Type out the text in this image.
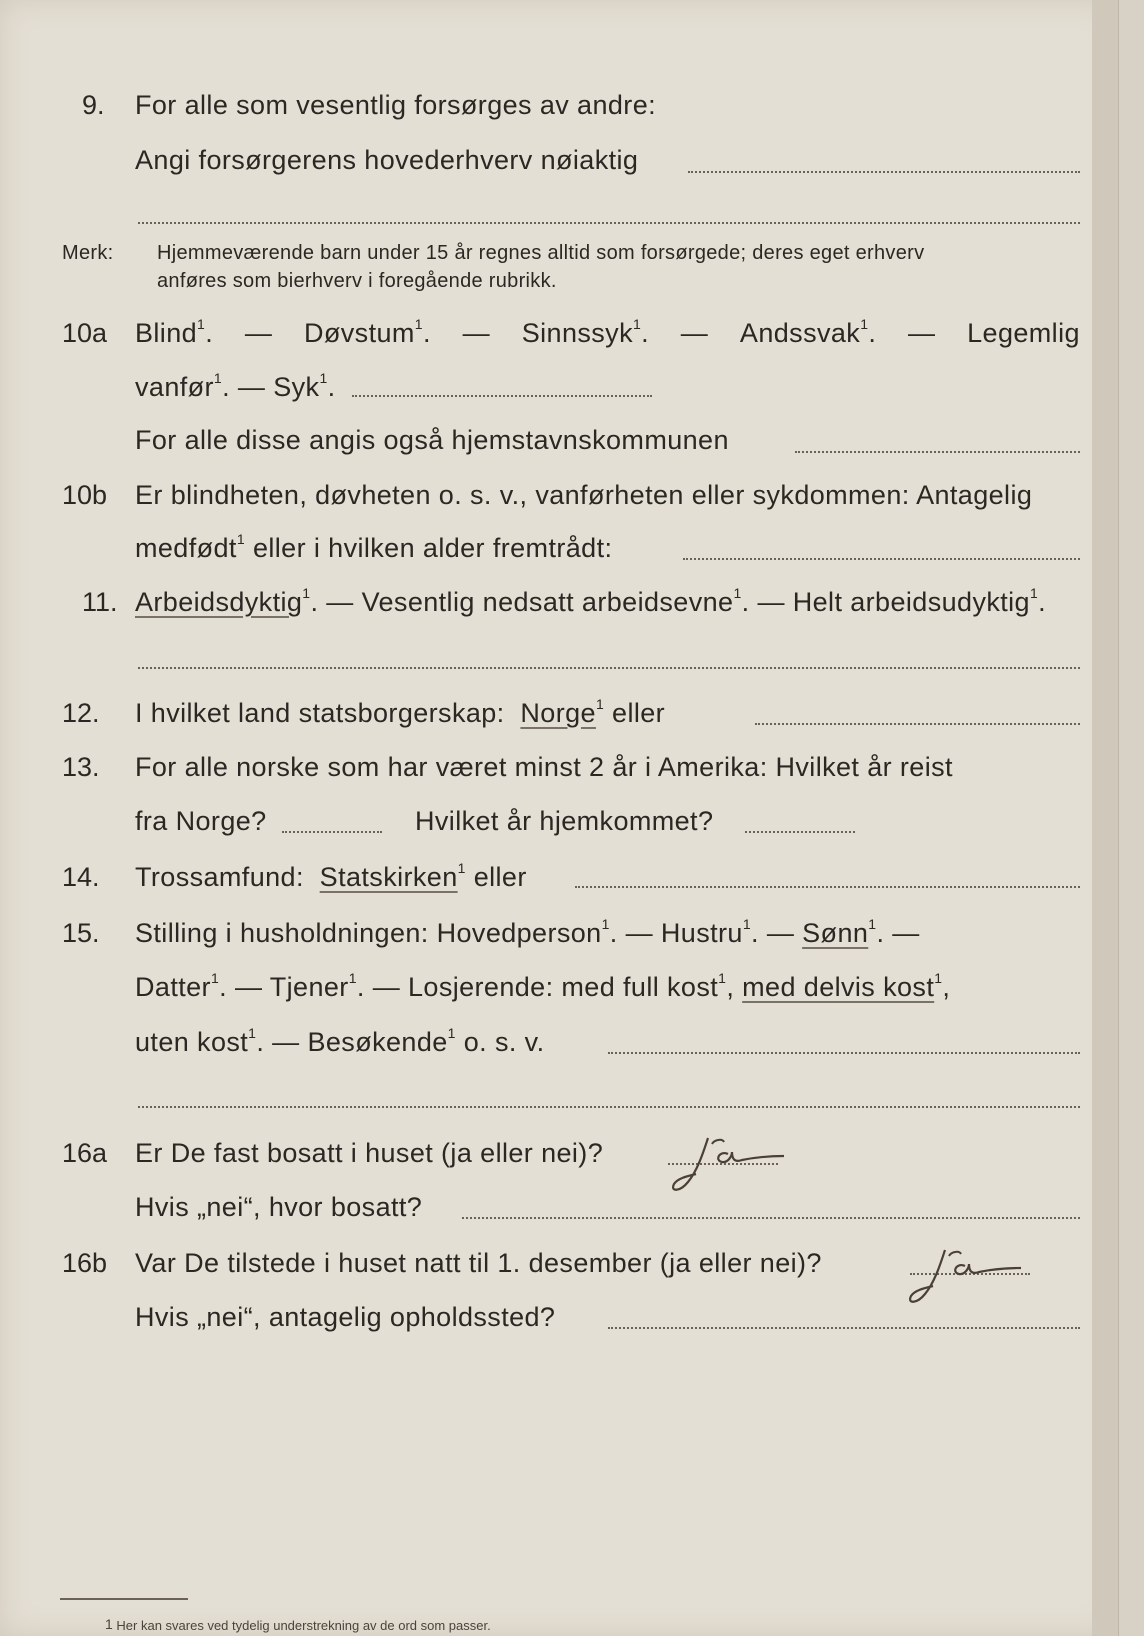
9. For alle som vesentlig forsørges av andre:
Angi forsørgerens hovederhverv nøiaktig
Merk: Hjemmeværende barn under 15 år regnes alltid som forsørgede; deres eget erhverv
anføres som bierhverv i foregående rubrikk.
10a Blind$^1$. — Døvstum$^1$. — Sinnssyk$^1$. — Andssvak$^1$. — Legemlig
vanfør$^1$. — Syk$^1$.
For alle disse angis også hjemstavnskommunen
10b Er blindheten, døvheten o. s. v., vanførheten eller sykdommen: Antagelig
medfødt$^1$ eller i hvilken alder fremtrådt:
11. Arbeidsdyktig$^1$. — Vesentlig nedsatt arbeidsevne$^1$. — Helt arbeidsudyktig$^1$.
12. I hvilket land statsborgerskap: Norge$^1$ eller
13. For alle norske som har været minst 2 år i Amerika: Hvilket år reist
fra Norge?	Hvilket år hjemkommet?
14. Trossamfund: Statskirken$^1$ eller
15. Stilling i husholdningen: Hovedperson$^1$. — Hustru$^1$. — Sønn$^1$. —
Datter$^1$. — Tjener$^1$. — Losjerende: med full kost$^1$, med delvis kost$^1$,
uten kost$^1$. — Besøkende$^1$ o. s. v.
16a Er De fast bosatt i huset (ja eller nei)?
Hvis „nei“, hvor bosatt?
16b Var De tilstede i huset natt til 1. desember (ja eller nei)?
Hvis „nei“, antagelig opholdssted?
$^1$ Her kan svares ved tydelig understrekning av de ord som passer.
